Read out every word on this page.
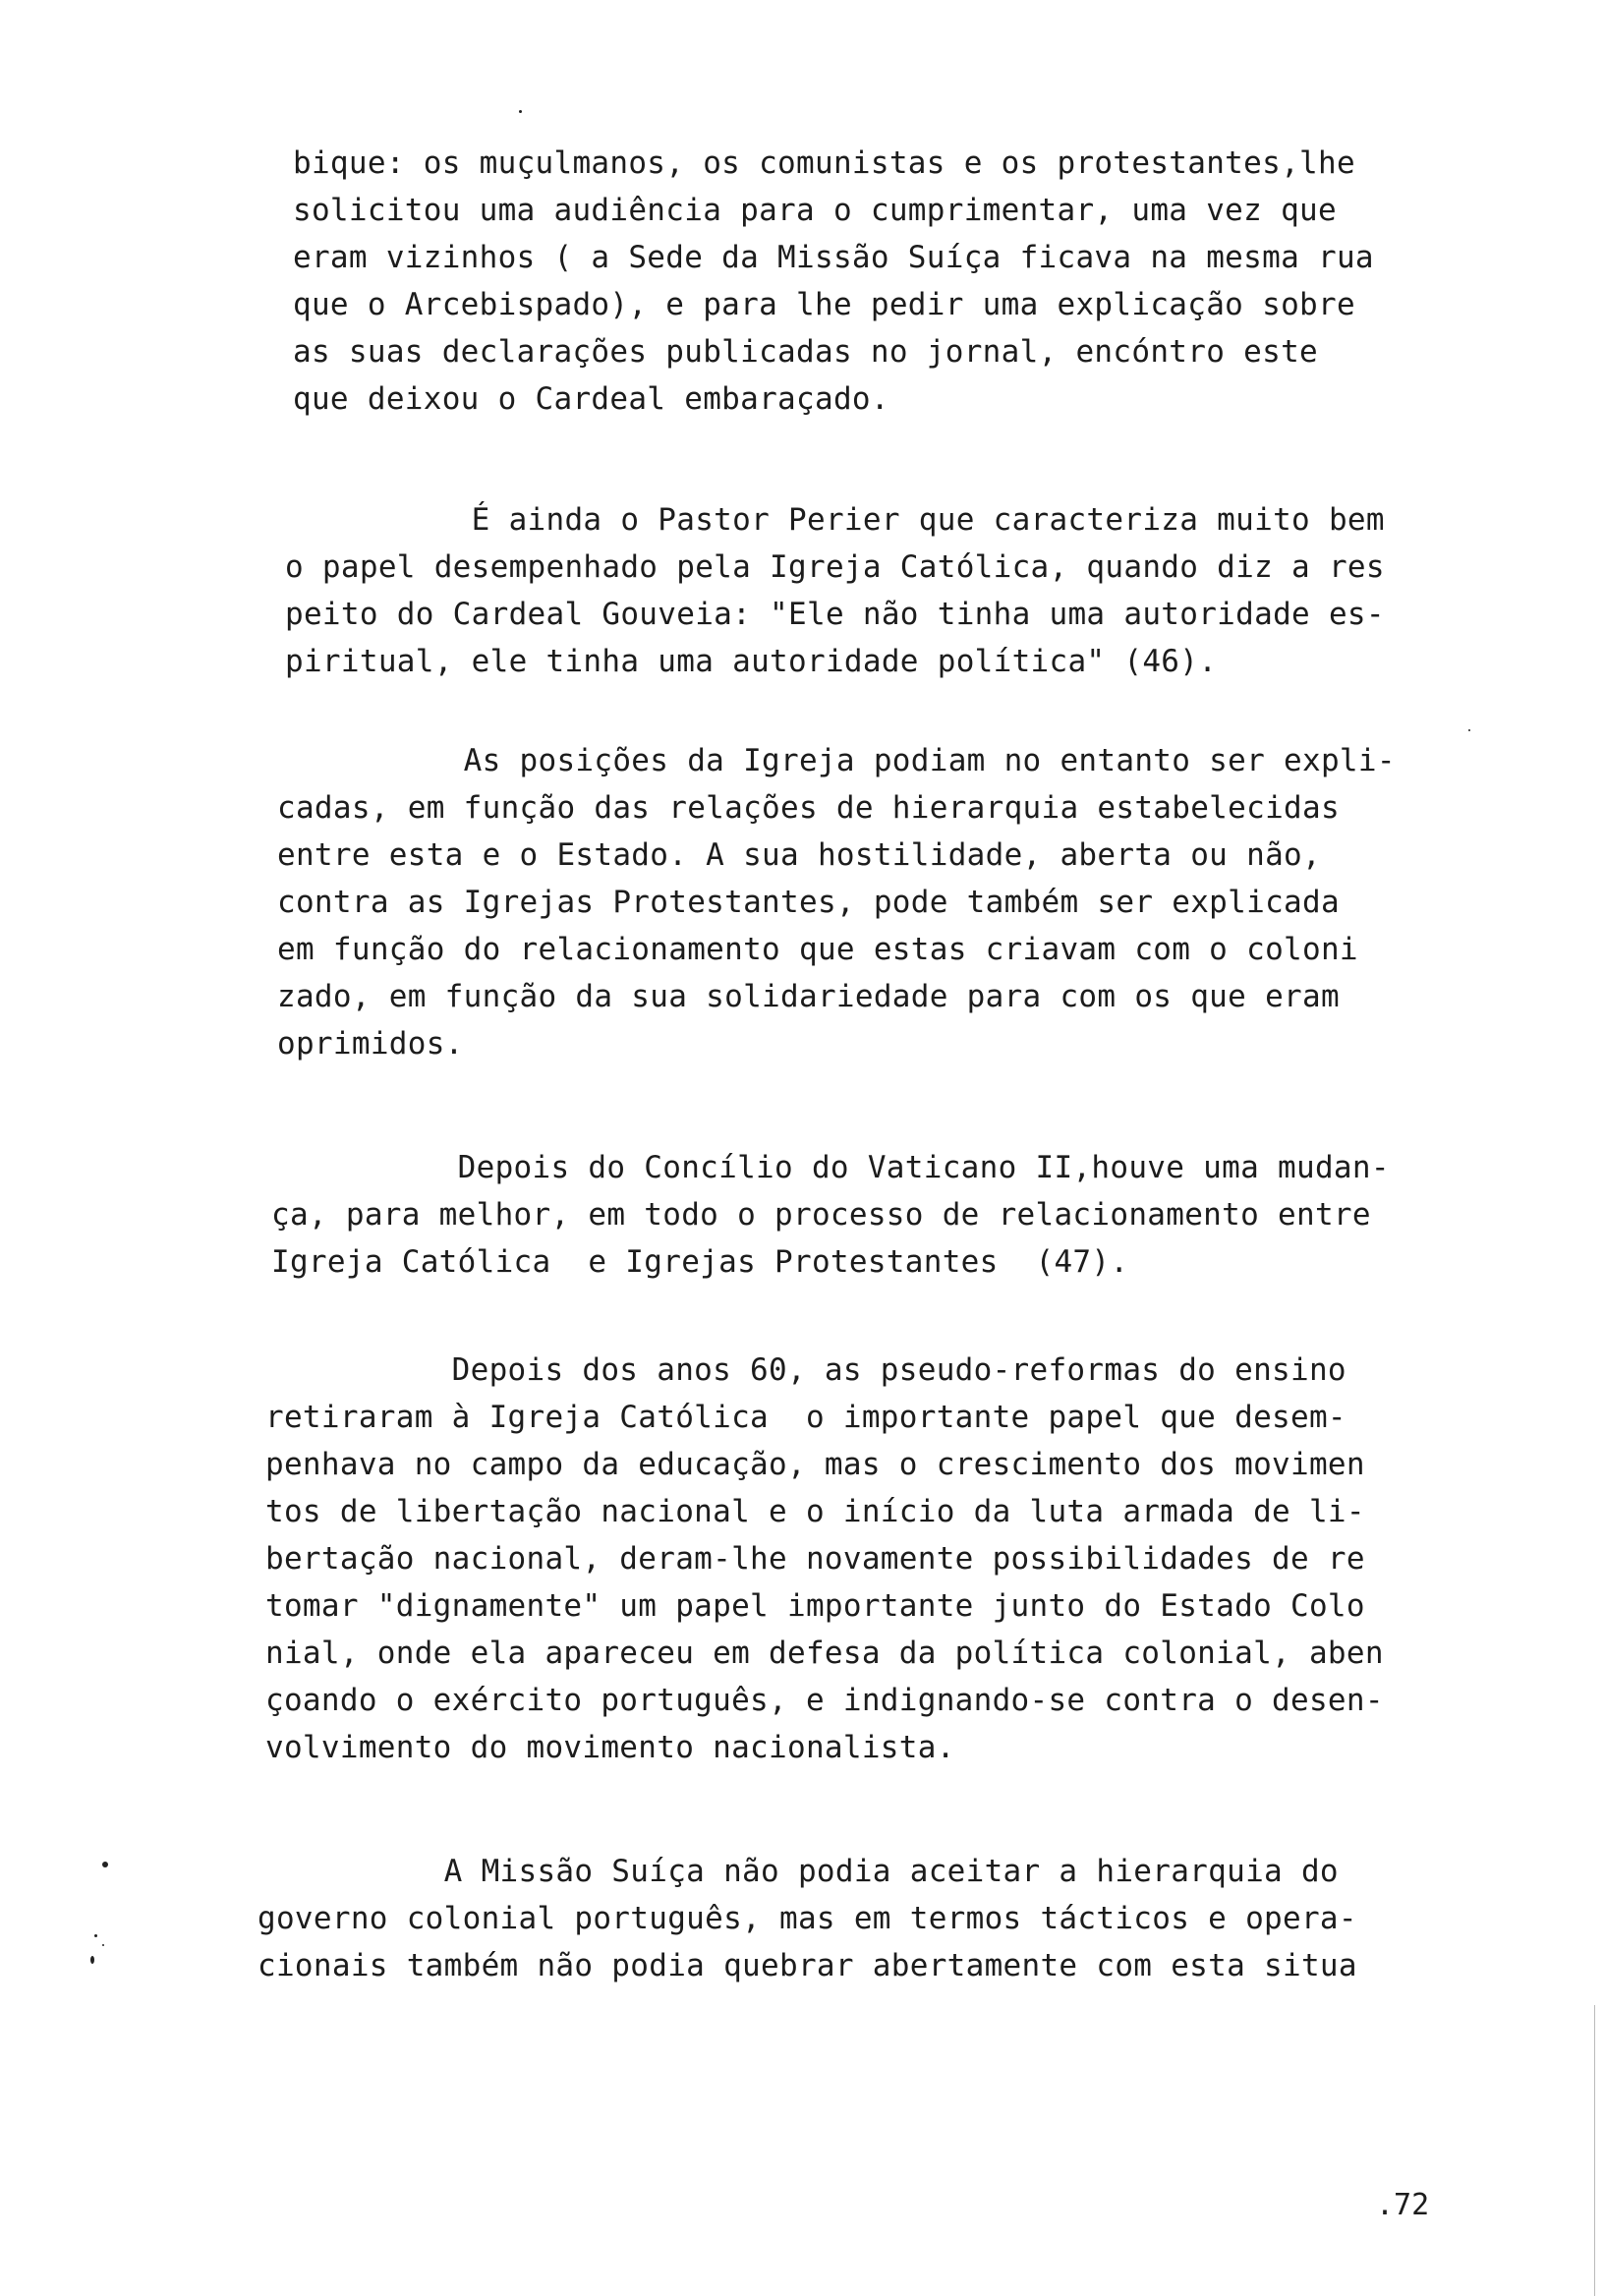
bique: os muçulmanos, os comunistas e os protestantes,lhe
solicitou uma audiência para o cumprimentar, uma vez que
eram vizinhos ( a Sede da Missão Suíça ficava na mesma rua
que o Arcebispado), e para lhe pedir uma explicação sobre
as suas declarações publicadas no jornal, encóntro este
que deixou o Cardeal embaraçado.

É ainda o Pastor Perier que caracteriza muito bem
o papel desempenhado pela Igreja Católica, quando diz a res
peito do Cardeal Gouveia: "Ele não tinha uma autoridade es-
piritual, ele tinha uma autoridade política" (46).

As posições da Igreja podiam no entanto ser expli-
cadas, em função das relações de hierarquia estabelecidas
entre esta e o Estado. A sua hostilidade, aberta ou não,
contra as Igrejas Protestantes, pode também ser explicada
em função do relacionamento que estas criavam com o coloni
zado, em função da sua solidariedade para com os que eram
oprimidos.

Depois do Concílio do Vaticano II,houve uma mudan-
ça, para melhor, em todo o processo de relacionamento entre
Igreja Católica  e Igrejas Protestantes  (47).

Depois dos anos 60, as pseudo-reformas do ensino
retiraram à Igreja Católica  o importante papel que desem-
penhava no campo da educação, mas o crescimento dos movimen
tos de libertação nacional e o início da luta armada de li-
bertação nacional, deram-lhe novamente possibilidades de re
tomar "dignamente" um papel importante junto do Estado Colo
nial, onde ela apareceu em defesa da política colonial, aben
çoando o exército português, e indignando-se contra o desen-
volvimento do movimento nacionalista.

A Missão Suíça não podia aceitar a hierarquia do
governo colonial português, mas em termos tácticos e opera-
cionais também não podia quebrar abertamente com esta situa

.72
